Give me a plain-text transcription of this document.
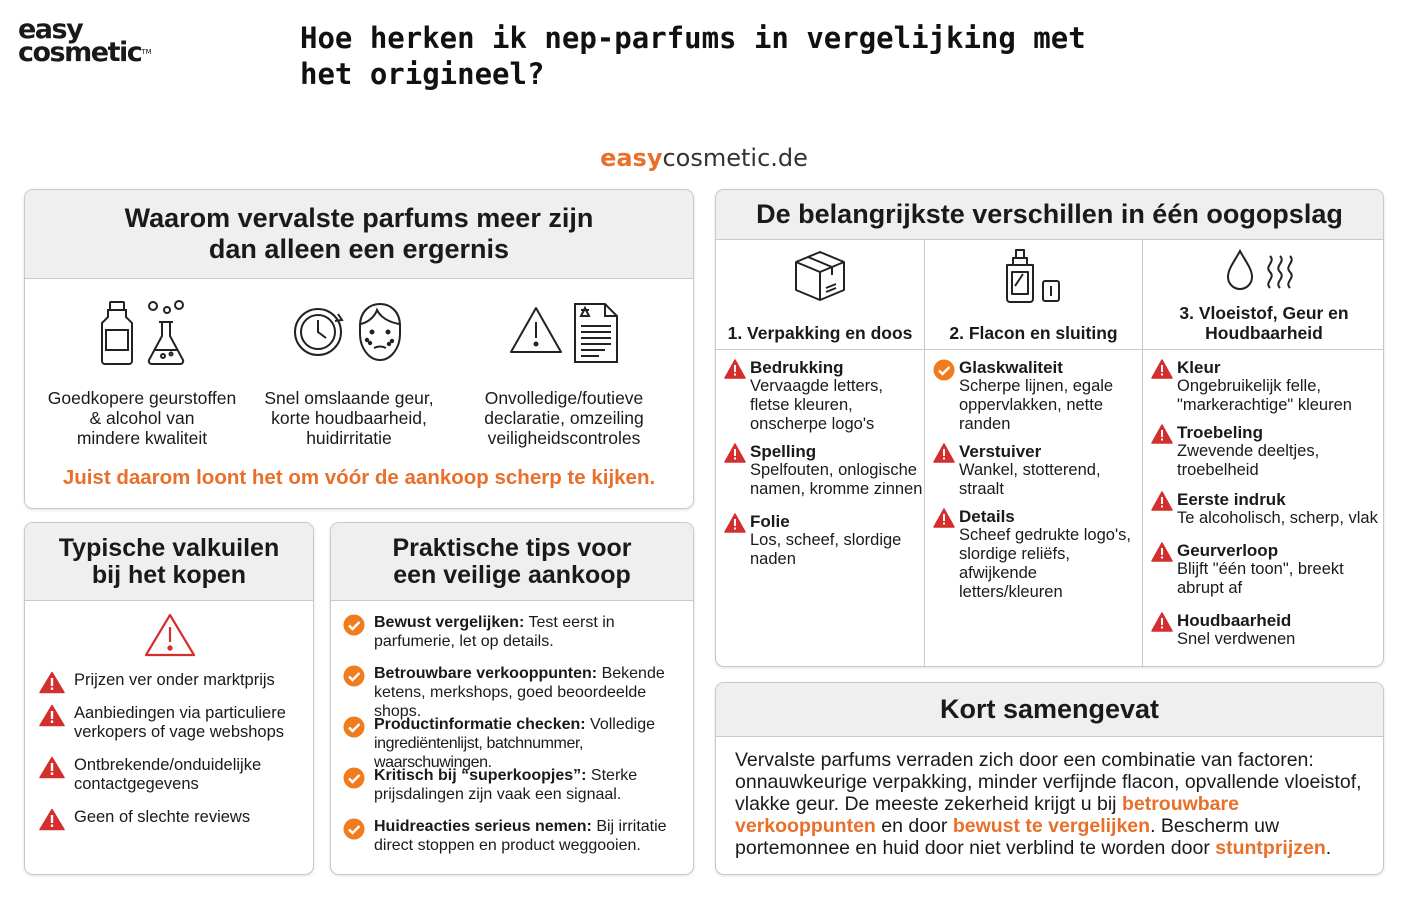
easy
cosmetic™	Hoe herken ik nep-parfums in vergelijking met het origineel?
easycosmetic.de
Waarom vervalste parfums meer zijn
dan alleen een ergernis
Goedkopere geurstoffen
& alcohol van
mindere kwaliteit
Snel omslaande geur,
korte houdbaarheid,
huidirritatie
Onvolledige/foutieve
declaratie, omzeiling
veiligheidscontroles
Juist daarom loont het om vóór de aankoop scherp te kijken.
De belangrijkste verschillen in één oogopslag
1. Verpakking en doos
Bedrukking
Vervaagde letters,
fletse kleuren,
onscherpe logo's
Spelling
Spelfouten, onlogische
namen, kromme zinnen
Folie
Los, scheef, slordige
naden
2. Flacon en sluiting
Glaskwaliteit
Scherpe lijnen, egale
oppervlakken, nette
randen
Verstuiver
Wankel, stotterend,
straalt
Details
Scheef gedrukte logo's,
slordige reliëfs,
afwijkende
letters/kleuren
3. Vloeistof, Geur en
Houdbaarheid
Kleur
Ongebruikelijk felle,
"markerachtige" kleuren
Troebeling
Zwevende deeltjes,
troebelheid
Eerste indruk
Te alcoholisch, scherp, vlak
Geurverloop
Blijft "één toon", breekt
abrupt af
Houdbaarheid
Snel verdwenen
Typische valkuilen
bij het kopen
Prijzen ver onder marktprijs
Aanbiedingen via particuliere
verkopers of vage webshops
Ontbrekende/onduidelijke
contactgegevens
Geen of slechte reviews
Praktische tips voor
een veilige aankoop
Bewust vergelijken: Test eerst in
parfumerie, let op details.
Betrouwbare verkooppunten: Bekende
ketens, merkshops, goed beoordeelde shops.
Productinformatie checken: Volledige
ingrediëntenlijst, batchnummer, waarschuwingen.
Kritisch bij “superkoopjes”: Sterke
prijsdalingen zijn vaak een signaal.
Huidreacties serieus nemen: Bij irritatie
direct stoppen en product weggooien.
Kort samengevat
Vervalste parfums verraden zich door een combinatie van factoren: onnauwkeurige verpakking, minder verfijnde flacon, opvallende vloeistof, vlakke geur. De meeste zekerheid krijgt u bij betrouwbare verkooppunten en door bewust te vergelijken. Bescherm uw portemonnee en huid door niet verblind te worden door stuntprijzen.
